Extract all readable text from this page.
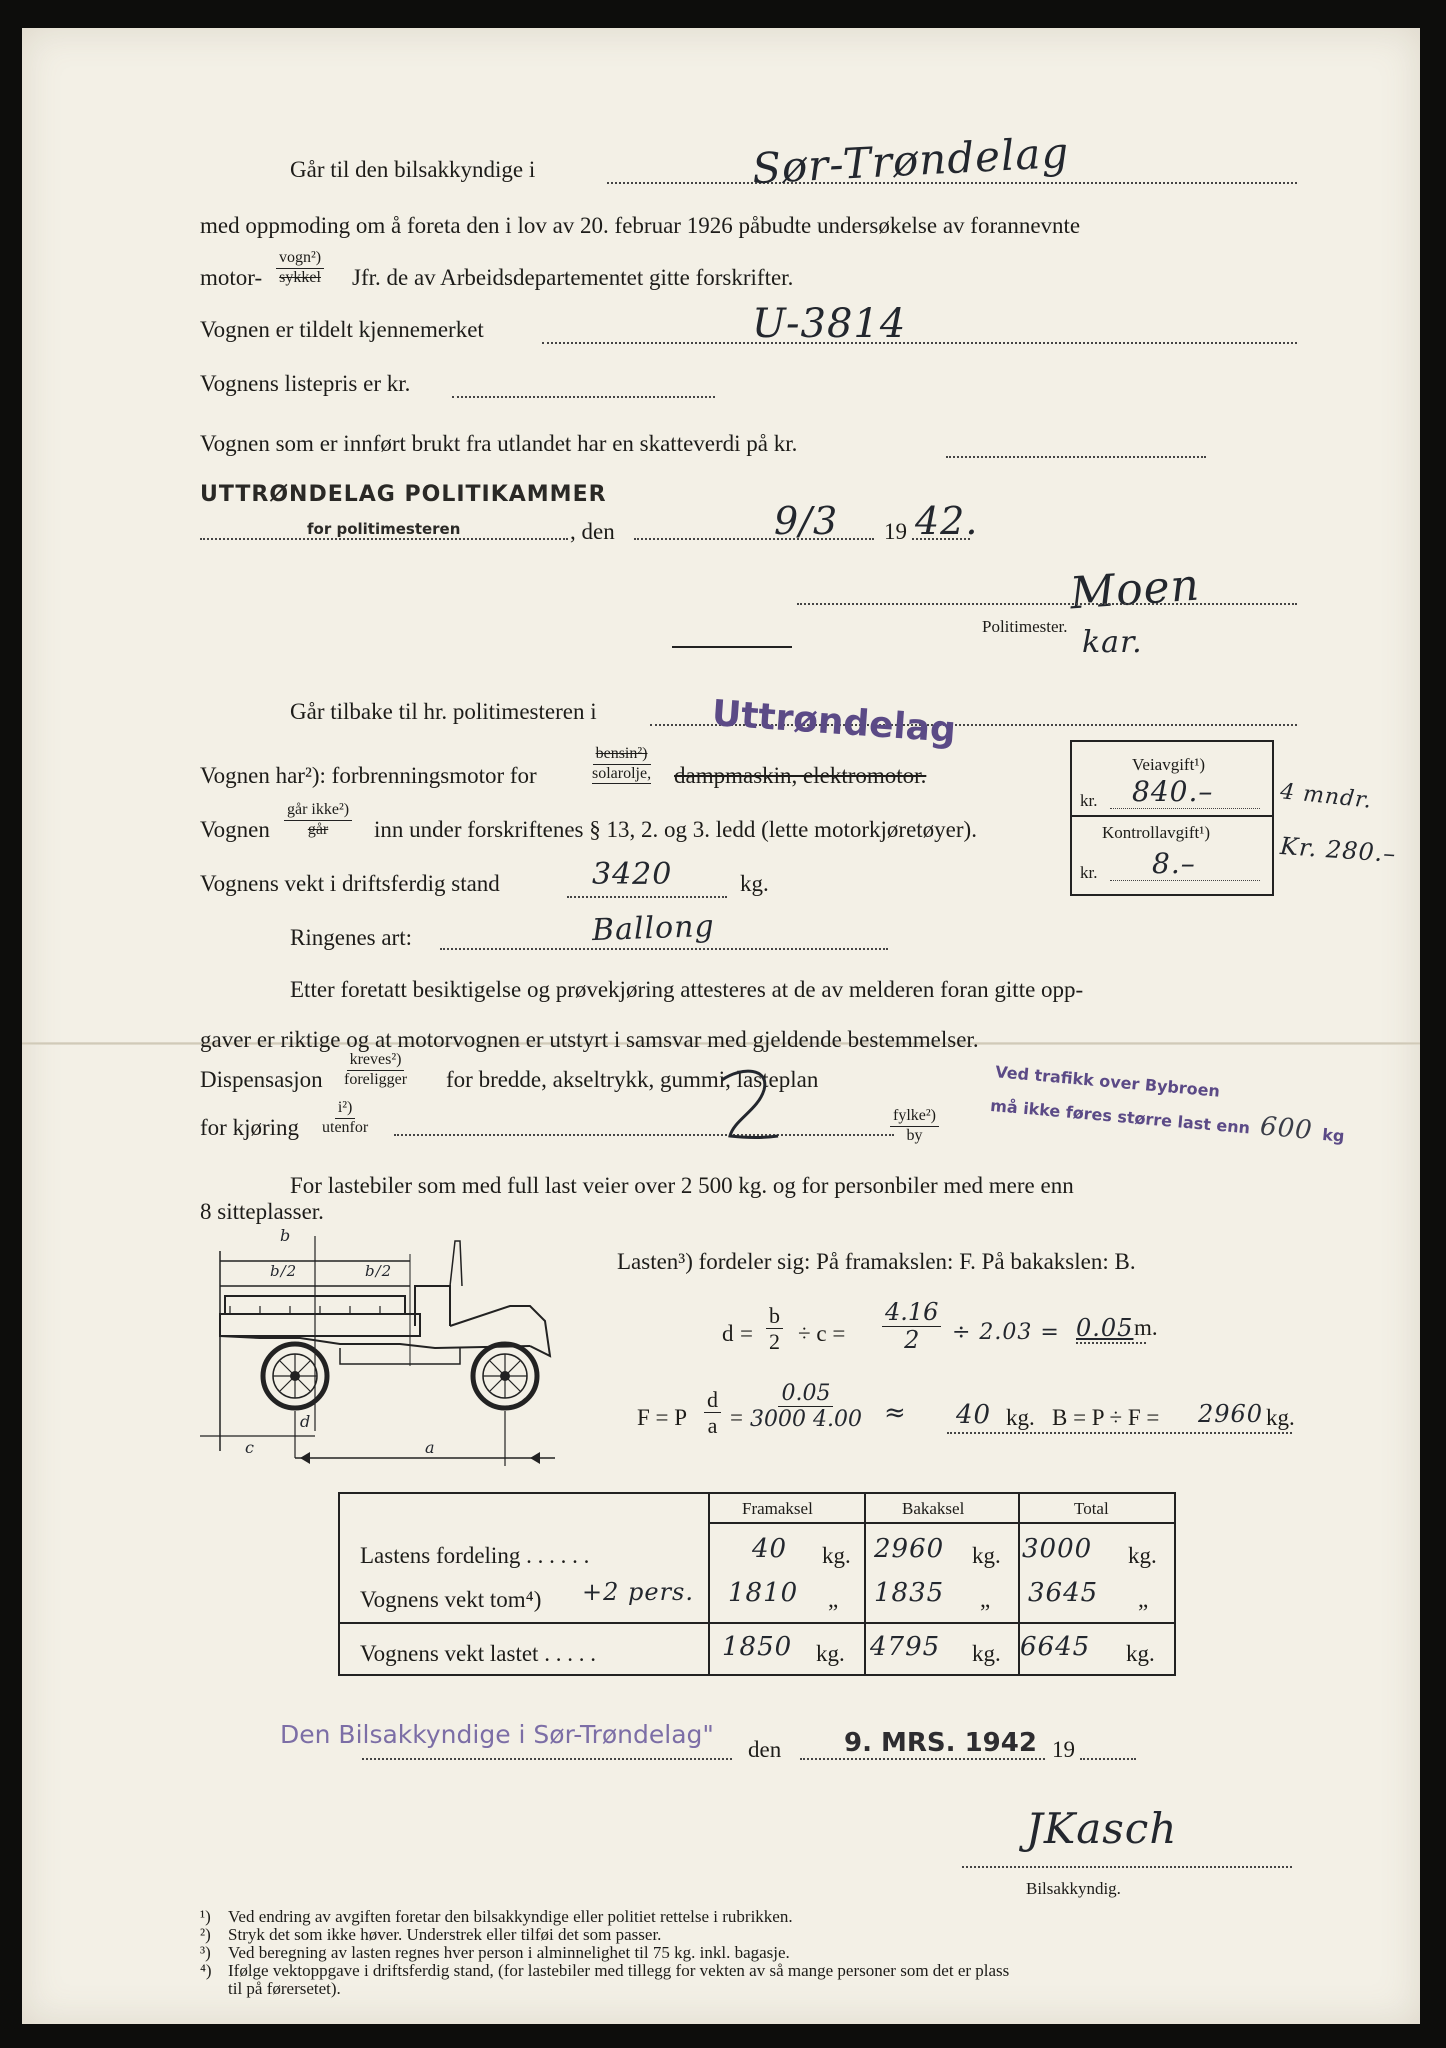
Går til den bilsakkyndige i	Sør-Trøndelag
med oppmoding om å foreta den i lov av 20. februar 1926 påbudte undersøkelse av forannevnte
motor-
vogn²)
sykkel Jfr. de av Arbeidsdepartementet gitte forskrifter.
Vognen er tildelt kjennemerket	U-3814
Vognens listepris er kr.
Vognen som er innført brukt fra utlandet har en skatteverdi på kr.
UTTRØNDELAG POLITIKAMMER
for politimesteren	, den	9/3 19 42.
Moen
Politimester. kar.
Går tilbake til hr. politimesteren i	Uttrøndelag
Vognen har²): forbrenningsmotor for
bensin²)
solarolje, dampmaskin, elektromotor.
Vognen
går ikke²)
går inn under forskriftenes § 13, 2. og 3. ledd (lette motorkjøretøyer).
Vognens vekt i driftsferdig stand	3420	kg.
Ringenes art:	Ballong
Veiavgift¹)
kr. 840.–
Kontrollavgift¹)
kr. 8.–
4 mndr.
Kr. 280.–
Etter foretatt besiktigelse og prøvekjøring attesteres at de av melderen foran gitte opp-
gaver er riktige og at motorvognen er utstyrt i samsvar med gjeldende bestemmelser.
Dispensasjon
kreves²)
foreligger for bredde, akseltrykk, gummi, lasteplan
for kjøring
i²)
utenfor
fylke²)
by
Ved trafikk over Bybroen
må ikke føres større last enn 600 kg
For lastebiler som med full last veier over 2 500 kg. og for personbiler med mere enn
8 sitteplasser.
b
b/2	b/2
c
d
a
Lasten³) fordeler sig: På framakslen: F. På bakakslen: B.
$d = \frac{b}{2} \div c = \frac{4.16}{2} \div 2.03 = 0.05$ m.
F = P $\frac{d}{a} = \frac{0.05}{3000 4.00} \approx 40$ kg. B = P ÷ F = 2960 kg.
Framaksel	Bakaksel	Total
Lastens fordeling . . . . . .	40 kg. 2960 kg. 3000 kg.
Vognens vekt tom⁴) +2 pers. 1810 „ 1835 „ 3645 „
Vognens vekt lastet . . . . .	1850 kg. 4795 kg. 6645 kg.
Den Bilsakkyndige i Sør-Trøndelag"
den 9. MRS. 1942 19
JKasch
Bilsakkyndig.
¹) Ved endring av avgiften foretar den bilsakkyndige eller politiet rettelse i rubrikken.
²) Stryk det som ikke høver. Understrek eller tilføi det som passer.
³) Ved beregning av lasten regnes hver person i alminnelighet til 75 kg. inkl. bagasje.
⁴) Ifølge vektoppgave i driftsferdig stand, (for lastebiler med tillegg for vekten av så mange personer som det er plass
til på førersetet).
